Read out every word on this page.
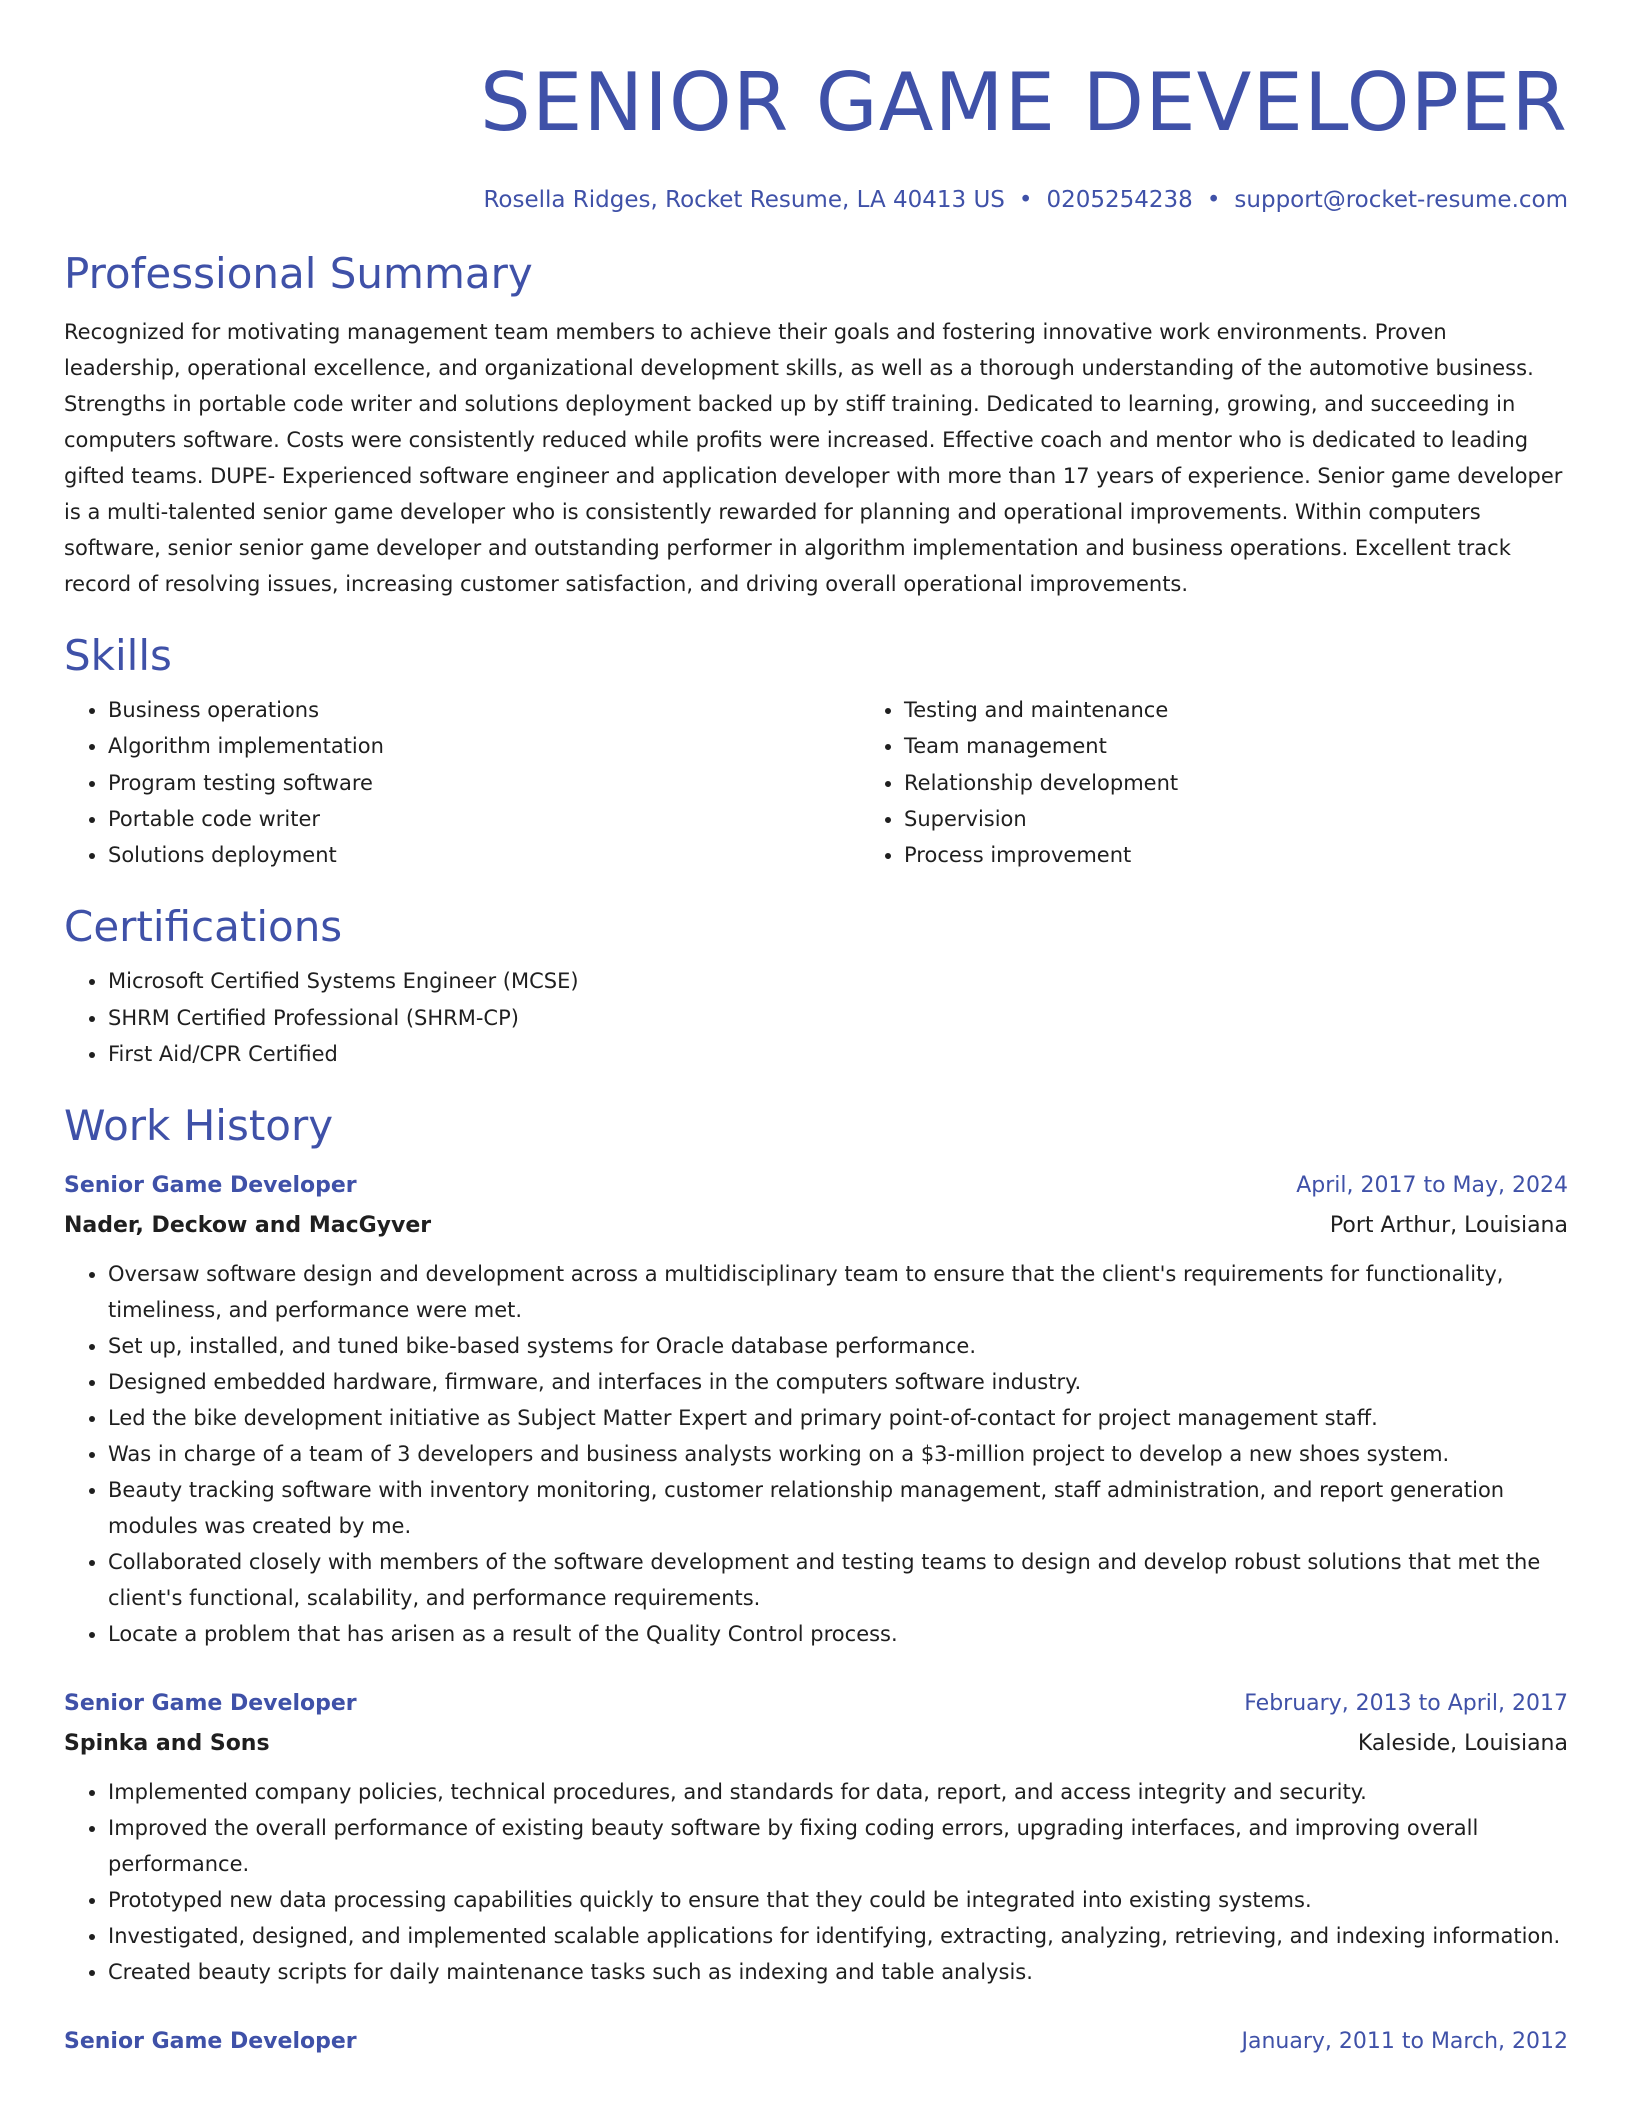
SENIOR GAME DEVELOPER
Rosella Ridges, Rocket Resume, LA 40413 US • 0205254238 • support@rocket-resume.com
Professional Summary

Recognized for motivating management team members to achieve their goals and fostering innovative work environments. Proven leadership, operational excellence, and organizational development skills, as well as a thorough understanding of the automotive business. Strengths in portable code writer and solutions deployment backed up by stiff training. Dedicated to learning, growing, and succeeding in computers software. Costs were consistently reduced while profits were increased. Effective coach and mentor who is dedicated to leading gifted teams. DUPE- Experienced software engineer and application developer with more than 17 years of experience. Senior game developer is a multi-talented senior game developer who is consistently rewarded for planning and operational improvements. Within computers software, senior senior game developer and outstanding performer in algorithm implementation and business operations. Excellent track record of resolving issues, increasing customer satisfaction, and driving overall operational improvements.

Skills
• Business operations
• Algorithm implementation
• Program testing software
• Portable code writer
• Solutions deployment
• Testing and maintenance
• Team management
• Relationship development
• Supervision
• Process improvement
Certifications
• Microsoft Certified Systems Engineer (MCSE)
• SHRM Certified Professional (SHRM-CP)
• First Aid/CPR Certified
Work History
Senior Game Developer	April, 2017 to May, 2024
Nader, Deckow and MacGyver	Port Arthur, Louisiana
• Oversaw software design and development across a multidisciplinary team to ensure that the client's requirements for functionality, timeliness, and performance were met.
• Set up, installed, and tuned bike-based systems for Oracle database performance.
• Designed embedded hardware, firmware, and interfaces in the computers software industry.
• Led the bike development initiative as Subject Matter Expert and primary point-of-contact for project management staff.
• Was in charge of a team of 3 developers and business analysts working on a $3-million project to develop a new shoes system.
• Beauty tracking software with inventory monitoring, customer relationship management, staff administration, and report generation modules was created by me.
• Collaborated closely with members of the software development and testing teams to design and develop robust solutions that met the client's functional, scalability, and performance requirements.
• Locate a problem that has arisen as a result of the Quality Control process.
Senior Game Developer	February, 2013 to April, 2017
Spinka and Sons	Kaleside, Louisiana
• Implemented company policies, technical procedures, and standards for data, report, and access integrity and security.
• Improved the overall performance of existing beauty software by fixing coding errors, upgrading interfaces, and improving overall performance.
• Prototyped new data processing capabilities quickly to ensure that they could be integrated into existing systems.
• Investigated, designed, and implemented scalable applications for identifying, extracting, analyzing, retrieving, and indexing information.
• Created beauty scripts for daily maintenance tasks such as indexing and table analysis.
Senior Game Developer	January, 2011 to March, 2012
